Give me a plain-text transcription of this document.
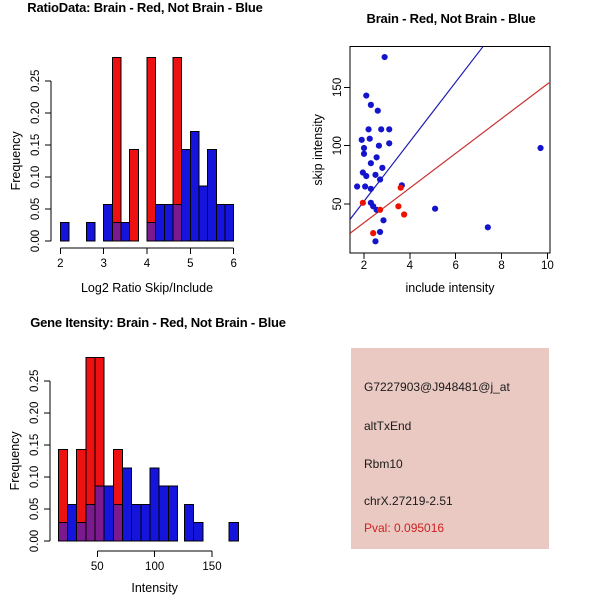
RatioData: Brain - Red, Not Brain - Blue
Brain - Red, Not Brain - Blue
Gene Itensity: Brain - Red, Not Brain - Blue
0.00
0.05
0.10
0.15
0.20
0.25
Frequency
2	3	4	5	6
Log2 Ratio Skip/Include
2	4	6	8	10
50
100
150
include intensity
skip intensity
0.00
0.05
0.10
0.15
0.20
0.25
Frequency
50	100	150
Intensity
G7227903@J948481@j_at
altTxEnd
Rbm10
chrX.27219-2.51
Pval: 0.095016
